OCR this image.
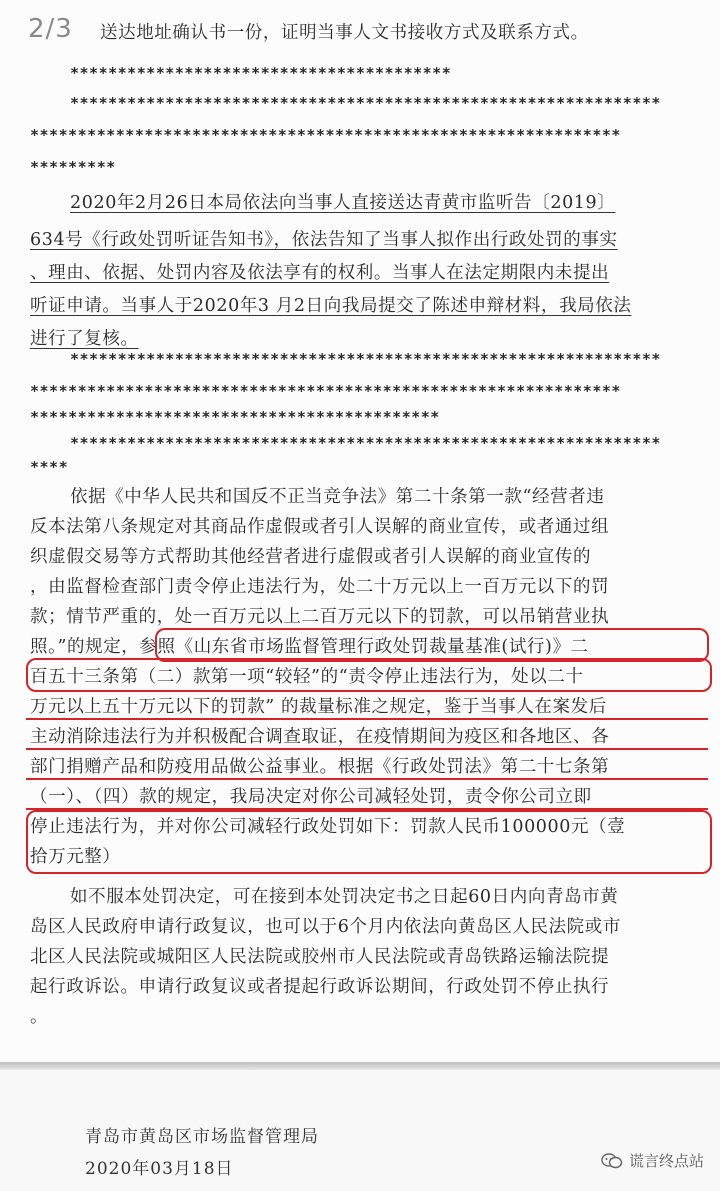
2/3 送达地址确认书一份，证明当事人文书接收方式及联系方式。
****************************************
**************************************************************
**************************************************************
*********
2020年2月26日本局依法向当事人直接送达青黄市监听告〔2019〕
634号《行政处罚听证告知书》，依法告知了当事人拟作出行政处罚的事实
、理由、依据、处罚内容及依法享有的权利。当事人在法定期限内未提出
听证申请。当事人于2020年3 月2日向我局提交了陈述申辩材料，我局依法
进行了复核。
**************************************************************
**************************************************************
*******************************************
**************************************************************
****
依据《中华人民共和国反不正当竞争法》第二十条第一款“经营者违
反本法第八条规定对其商品作虚假或者引人误解的商业宣传，或者通过组
织虚假交易等方式帮助其他经营者进行虚假或者引人误解的商业宣传的
，由监督检查部门责令停止违法行为，处二十万元以上一百万元以下的罚
款；情节严重的，处一百万元以上二百万元以下的罚款，可以吊销营业执
照。”的规定，参照《山东省市场监督管理行政处罚裁量基准(试行)》二
百五十三条第（二）款第一项“较轻”的“责令停止违法行为，处以二十
万元以上五十万元以下的罚款” 的裁量标准之规定，鉴于当事人在案发后
主动消除违法行为并积极配合调查取证，在疫情期间为疫区和各地区、各
部门捐赠产品和防疫用品做公益事业。根据《行政处罚法》第二十七条第
（一）、（四）款的规定，我局决定对你公司减轻处罚，责令你公司立即
停止违法行为，并对你公司减轻行政处罚如下：罚款人民币100000元（壹
拾万元整）
如不服本处罚决定，可在接到本处罚决定书之日起60日内向青岛市黄
岛区人民政府申请行政复议，也可以于6个月内依法向黄岛区人民法院或市
北区人民法院或城阳区人民法院或胶州市人民法院或青岛铁路运输法院提
起行政诉讼。申请行政复议或者提起行政诉讼期间，行政处罚不停止执行
。
青岛市黄岛区市场监督管理局
2020年03月18日	谎言终点站
